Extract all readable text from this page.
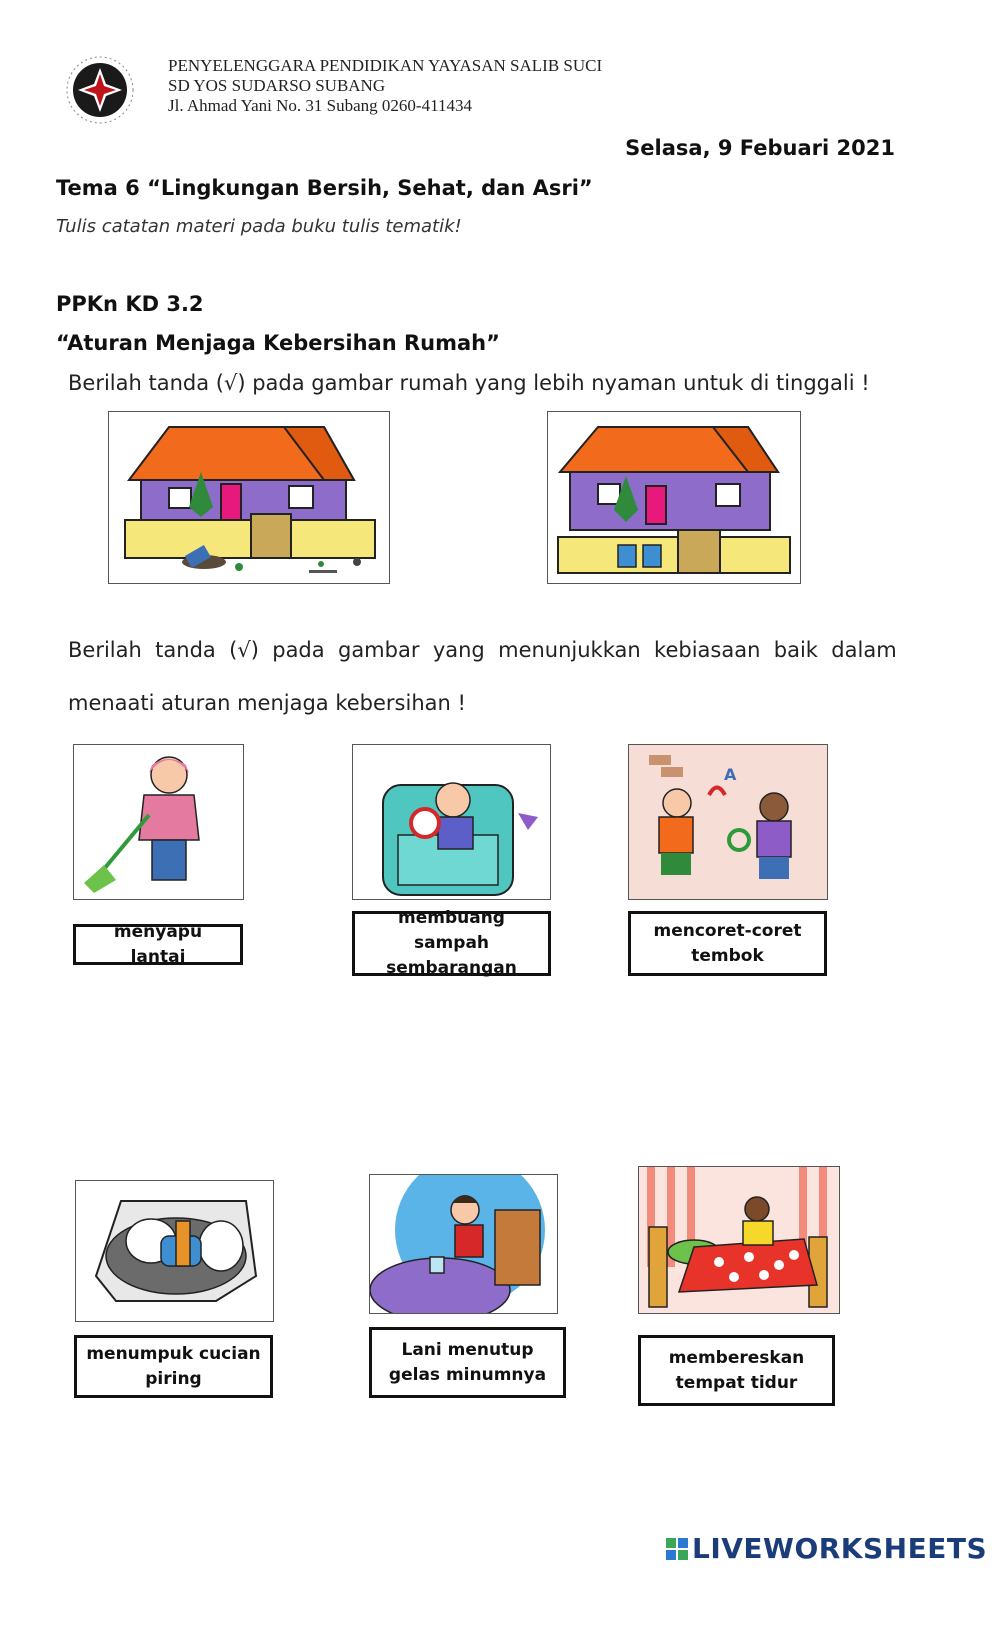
PENYELENGGARA PENDIDIKAN YAYASAN SALIB SUCI
SD YOS SUDARSO SUBANG
Jl. Ahmad Yani No. 31 Subang 0260-411434
Selasa, 9 Febuari 2021
Tema 6 “Lingkungan Bersih, Sehat, dan Asri”
Tulis catatan materi pada buku tulis tematik!
PPKn KD 3.2
“Aturan Menjaga Kebersihan Rumah”
Berilah tanda (√) pada gambar rumah yang lebih nyaman untuk di tinggali !
Berilah  tanda  (√)  pada  gambar  yang  menunjukkan  kebiasaan  baik  dalam
menaati aturan menjaga kebersihan !
A
menyapu lantai
membuang sampah sembarangan
mencoret-coret tembok
menumpuk cucian piring
Lani menutup gelas minumnya
membereskan tempat tidur
LIVEWORKSHEETS
